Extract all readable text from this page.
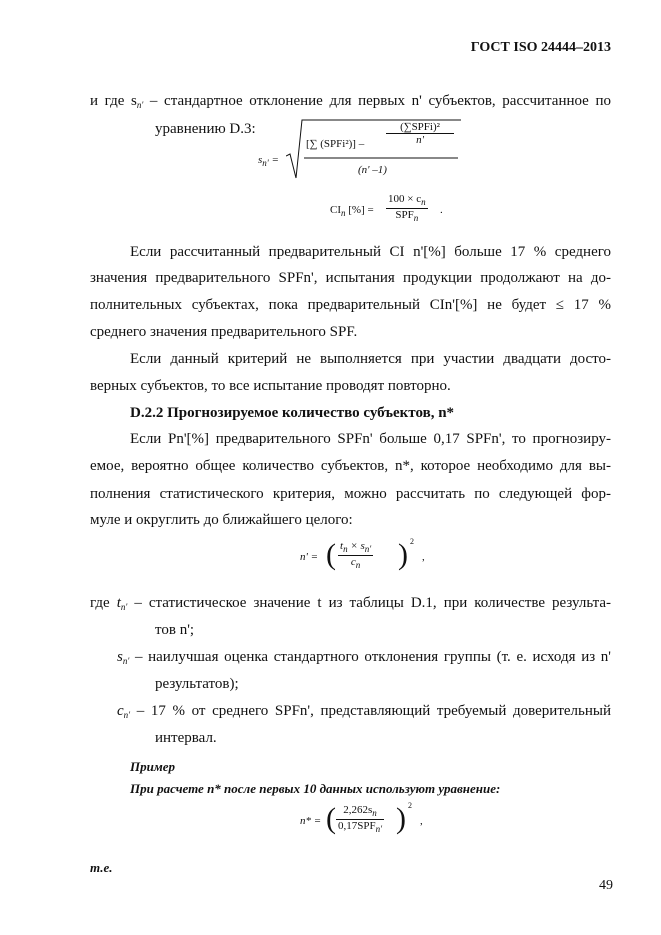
ГОСТ ISO 24444–2013
и где $s_{n'}$ – стандартное отклонение для первых n' субъектов, рассчитанное по
уравнению D.3:
$s_{n'}$ =
[∑ (SPFi²)] –
(∑SPFi)²
n'
(n' –1)
$CI_n$ [%] =
$100 \times c_n$
$SPF_n$
.
Если рассчитанный предварительный CI n'[%] больше 17 % среднего
значения предварительного SPFn', испытания продукции продолжают на до-
полнительных субъектах, пока предварительный CIn'[%] не будет ≤ 17 %
среднего значения предварительного SPF.
Если данный критерий не выполняется при участии двадцати досто-
верных субъектов, то все испытание проводят повторно.
D.2.2 Прогнозируемое количество субъектов, n*
Если Pn'[%] предварительного SPFn' больше 0,17 SPFn', то прогнозиру-
емое, вероятно общее количество субъектов, n*, которое необходимо для вы-
полнения статистического критерия, можно рассчитать по следующей фор-
муле и округлить до ближайшего целого:
n' = ( $t_n \times s_{n'}$
$c_n$ ) 2
,
где $t_{n'}$ – статистическое значение t из таблицы D.1, при количестве результа-
тов n';
$s_{n'}$ – наилучшая оценка стандартного отклонения группы (т. е. исходя из n'
результатов);
$c_{n'} - 17$ % от среднего SPFn', представляющий требуемый доверительный
интервал.
Пример
При расчете n* после первых 10 данных используют уравнение:
n* = ( $2,262s_n$
$0,17SPF_{n'}$ ) 2
,
т.е.
49
